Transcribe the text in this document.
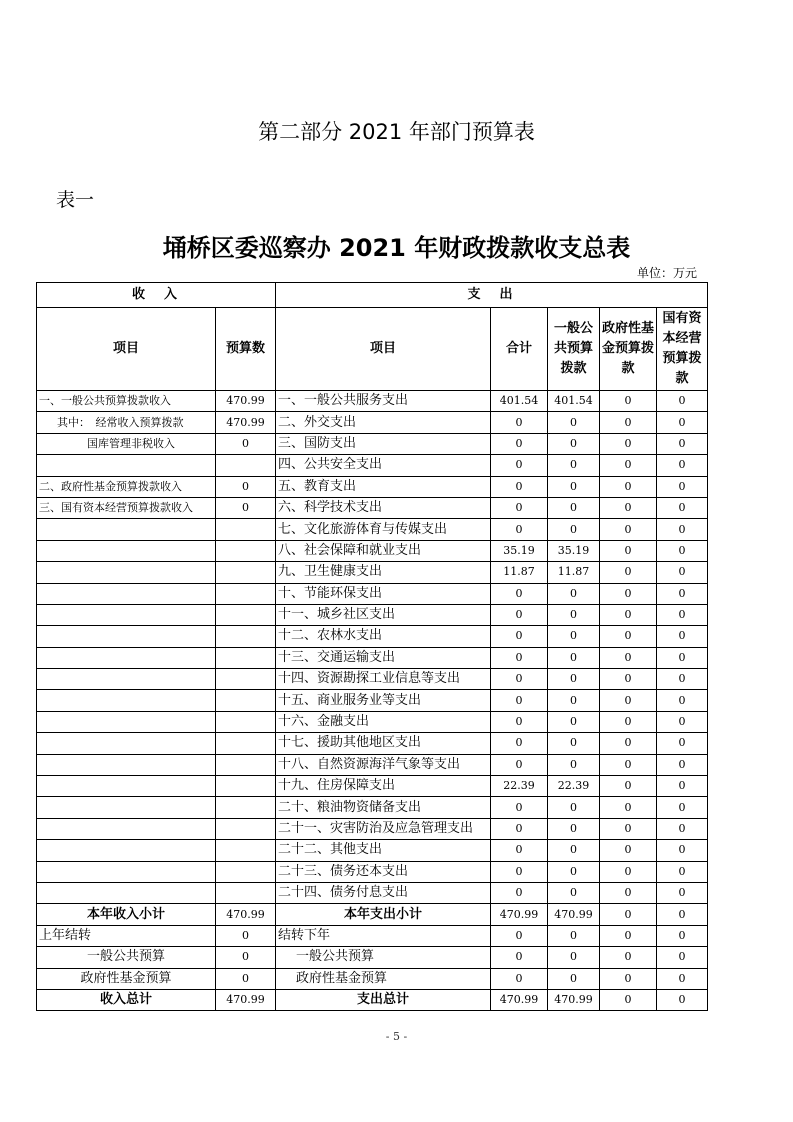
第二部分 2021 年部门预算表
表一
埇桥区委巡察办 2021 年财政拨款收支总表
单位：万元
收　入		支　出				
项目	预算数	项目	合计	一般公共预算拨款	政府性基金预算拨款	国有资本经营预算拨款
一、一般公共预算拨款收入	470.99	一、一般公共服务支出	401.54	401.54	0	0
其中：　经常收入预算拨款	470.99	二、外交支出	0	0	0	0
国库管理非税收入	0	三、国防支出	0	0	0	0
		四、公共安全支出	0	0	0	0
二、政府性基金预算拨款收入	0	五、教育支出	0	0	0	0
三、国有资本经营预算拨款收入	0	六、科学技术支出	0	0	0	0
		七、文化旅游体育与传媒支出	0	0	0	0
		八、社会保障和就业支出	35.19	35.19	0	0
		九、卫生健康支出	11.87	11.87	0	0
		十、节能环保支出	0	0	0	0
		十一、城乡社区支出	0	0	0	0
		十二、农林水支出	0	0	0	0
		十三、交通运输支出	0	0	0	0
		十四、资源勘探工业信息等支出	0	0	0	0
		十五、商业服务业等支出	0	0	0	0
		十六、金融支出	0	0	0	0
		十七、援助其他地区支出	0	0	0	0
		十八、自然资源海洋气象等支出	0	0	0	0
		十九、住房保障支出	22.39	22.39	0	0
		二十、粮油物资储备支出	0	0	0	0
		二十一、灾害防治及应急管理支出	0	0	0	0
		二十二、其他支出	0	0	0	0
		二十三、债务还本支出	0	0	0	0
		二十四、债务付息支出	0	0	0	0
本年收入小计	470.99	本年支出小计	470.99	470.99	0	0
上年结转	0	结转下年	0	0	0	0
一般公共预算	0	一般公共预算	0	0	0	0
政府性基金预算	0	政府性基金预算	0	0	0	0
收入总计	470.99	支出总计	470.99	470.99	0	0
- 5 -
